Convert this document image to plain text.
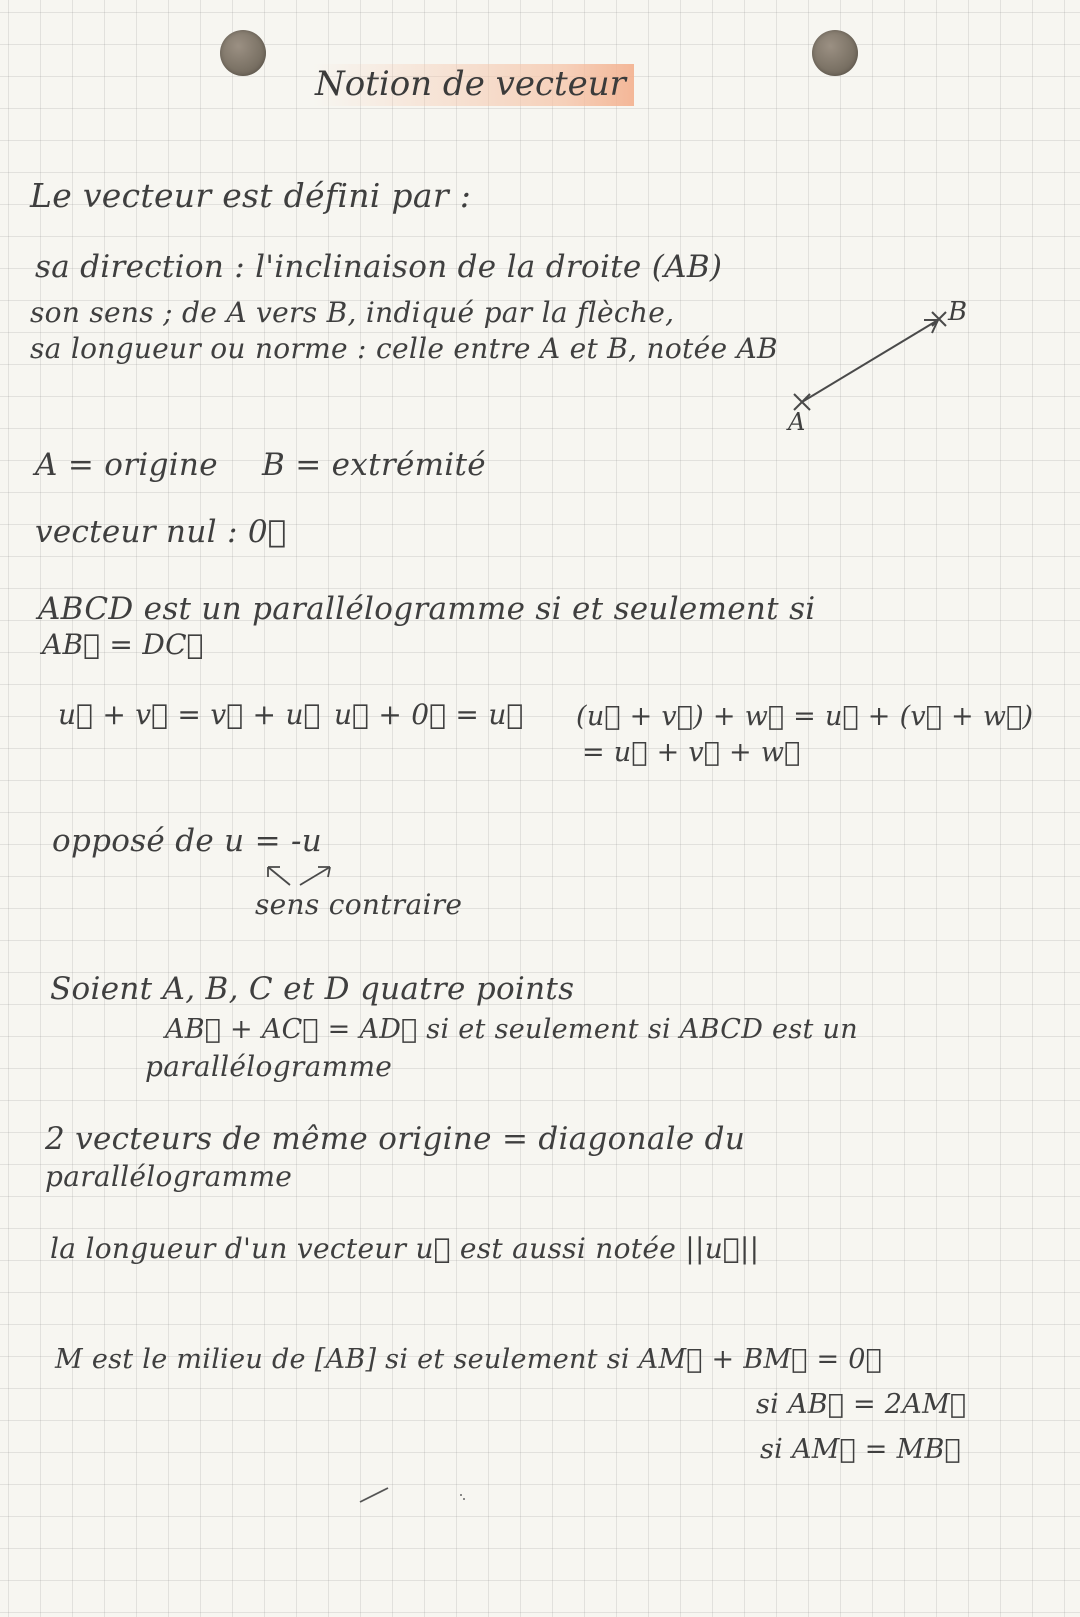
Notion de vecteur

Le vecteur est défini par :

sa direction : l'inclinaison de la droite (AB)

son sens ; de A vers B, indiqué par la flèche,

sa longueur ou norme : celle entre A et B, notée AB

A
B

A = origine B = extrémité

vecteur nul : 0⃗

ABCD est un parallélogramme si et seulement si

AB⃗ = DC⃗

u⃗ + v⃗ = v⃗ + u⃗ u⃗ + 0⃗ = u⃗ (u⃗ + v⃗) + w⃗ = u⃗ + (v⃗ + w⃗)

= u⃗ + v⃗ + w⃗

opposé de u = -u

sens contraire

Soient A, B, C et D quatre points

AB⃗ + AC⃗ = AD⃗ si et seulement si ABCD est un

parallélogramme

2 vecteurs de même origine = diagonale du

parallélogramme

la longueur d'un vecteur u⃗ est aussi notée ||u⃗||

M est le milieu de [AB] si et seulement si AM⃗ + BM⃗ = 0⃗

si AB⃗ = 2AM⃗

si AM⃗ = MB⃗
